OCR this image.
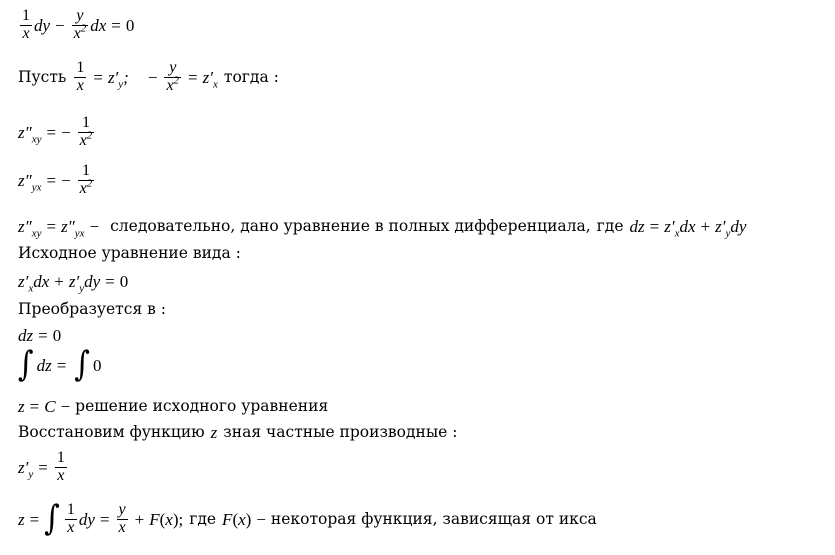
$\frac{1}{x}$ dy − $\frac{y}{x^2}$ dx = 0
Пусть $\frac{1}{x} = z'_y$; − $\frac{y}{x^2} = z'_x$ тогда :
$z''_{xy}$ = − $\frac{1}{x^2}$
$z''_{yx}$ = − $\frac{1}{x^2}$
$z''_{xy} = z''_{yx}$ − следовательно, дано уравнение в полных дифференциала, где dz = $z'_xdx + z'_ydy$
Исходное уравнение вида :
$z'_xdx + z'_ydy = 0$
Преобразуется в :
dz = 0
∫ dz = ∫ 0
z = C − решение исходного уравнения
Восстановим функцию z зная частные производные :
$z'_y = \frac{1}{x}$
z = ∫ $\frac{1}{x}$ dy = $\frac{y}{x} + F$ ( x ); где F ( x ) − некоторая функция, зависящая от икса
